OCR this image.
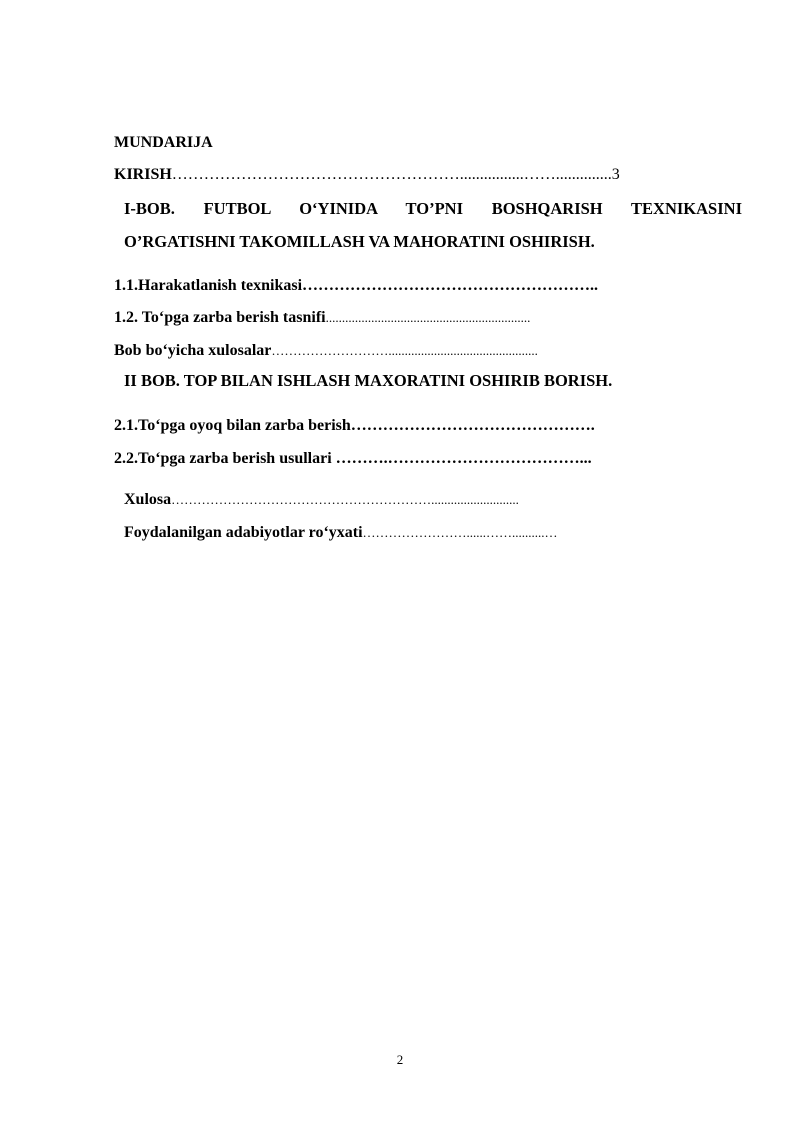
MUNDARIJA
KIRISH………………………………………………................……..............3
I-BOB. FUTBOL O‘YINIDA TO’PNI BOSHQARISH TEXNIKASINI
O’RGATISHNI TAKOMILLASH VA MAHORATINI OSHIRISH.
1.1.Harakatlanish texnikasi………………………………………………..
1.2. To‘pga zarba berish tasnifi...............................................................
Bob bo‘yicha xulosalar………………………..............................................
II BOB. TOP BILAN ISHLASH MAXORATINI OSHIRIB BORISH.
2.1.To‘pga oyoq bilan zarba berish……………………………………….
2.2.To‘pga zarba berish usullari ……….………………………………...
Xulosa……………………………………………………...........................
Foydalanilgan adabiyotlar ro‘yxati……………………......……..........…
2
